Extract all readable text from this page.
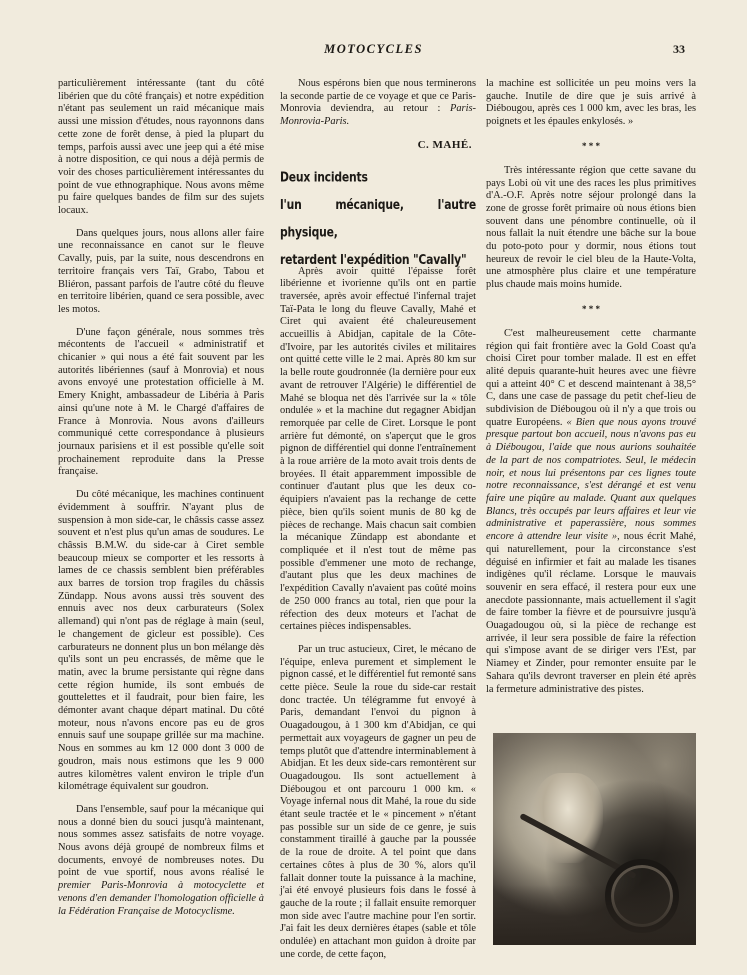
MOTOCYCLES	33

particulièrement intéressante (tant du côté libérien que du côté français) et notre expédition n'étant pas seulement un raid mécanique mais aussi une mission d'études, nous rayonnons dans cette zone de forêt dense, à pied la plupart du temps, parfois aussi avec une jeep qui a été mise à notre disposition, ce qui nous a déjà permis de voir des choses particulièrement intéressantes du point de vue ethnographique. Nous avons même pu faire quelques bandes de film sur des sujets locaux.

Dans quelques jours, nous allons aller faire une reconnaissance en canot sur le fleuve Cavally, puis, par la suite, nous descendrons en territoire français vers Taï, Grabo, Tabou et Bliéron, passant parfois de l'autre côté du fleuve en territoire libérien, quand ce sera possible, avec les motos.

D'une façon générale, nous sommes très mécontents de l'accueil « administratif et chicanier » qui nous a été fait souvent par les autorités libériennes (sauf à Monrovia) et nous avons envoyé une protestation officielle à M. Emery Knight, ambassadeur de Libéria à Paris ainsi qu'une note à M. le Chargé d'affaires de France à Monrovia. Nous avons d'ailleurs communiqué cette correspondance à plusieurs journaux parisiens et il est possible qu'elle soit prochainement reproduite dans la Presse française.

Du côté mécanique, les machines continuent évidemment à souffrir. N'ayant plus de suspension à mon side-car, le châssis casse assez souvent et n'est plus qu'un amas de soudures. Le châssis B.M.W. du side-car à Ciret semble beaucoup mieux se comporter et les ressorts à lames de ce chassis semblent bien préférables aux barres de torsion trop fragiles du châssis Zündapp. Nous avons aussi très souvent des ennuis avec nos deux carburateurs (Solex allemand) qui n'ont pas de réglage à main (seul, le changement de gicleur est possible). Ces carburateurs ne donnent plus un bon mélange dès qu'ils sont un peu encrassés, de même que le matin, avec la brume persistante qui règne dans cette région humide, ils sont embués de gouttelettes et il faudrait, pour bien faire, les démonter avant chaque départ matinal. Du côté moteur, nous n'avons encore pas eu de gros ennuis sauf une soupape grillée sur ma machine. Nous en sommes au km 12 000 dont 3 000 de goudron, mais nous estimons que les 9 000 autres kilomètres valent environ le triple d'un kilométrage équivalent sur goudron.

Dans l'ensemble, sauf pour la mécanique qui nous a donné bien du souci jusqu'à maintenant, nous sommes assez satisfaits de notre voyage. Nous avons déjà groupé de nombreux films et documents, envoyé de nombreuses notes. Du point de vue sportif, nous avons réalisé le premier Paris-Monrovia à motocyclette et venons d'en demander l'homologation officielle à la Fédération Française de Motocyclisme.

Nous espérons bien que nous terminerons la seconde partie de ce voyage et que ce Paris-Monrovia deviendra, au retour : Paris-Monrovia-Paris.

C. MAHÉ.
Deux incidents
l'un mécanique, l'autre physique,
retardent l'expédition "Cavally"

Après avoir quitté l'épaisse forêt libérienne et ivorienne qu'ils ont en partie traversée, après avoir effectué l'infernal trajet Taï-Pata le long du fleuve Cavally, Mahé et Ciret qui avaient été chaleureusement accueillis à Abidjan, capitale de la Côte-d'Ivoire, par les autorités civiles et militaires ont quitté cette ville le 2 mai. Après 80 km sur la belle route goudronnée (la dernière pour eux avant de retrouver l'Algérie) le différentiel de Mahé se bloqua net dès l'arrivée sur la « tôle ondulée » et la machine dut regagner Abidjan remorquée par celle de Ciret. Lorsque le pont arrière fut démonté, on s'aperçut que le gros pignon de différentiel qui donne l'entraînement à la roue arrière de la moto avait trois dents de broyées. Il était apparemment impossible de continuer d'autant plus que les deux co-équipiers n'avaient pas la rechange de cette pièce, bien qu'ils soient munis de 80 kg de pièces de rechange. Mais chacun sait combien la mécanique Zündapp est abondante et compliquée et il n'est tout de même pas possible d'emmener une moto de rechange, d'autant plus que les deux machines de l'expédition Cavally n'avaient pas coûté moins de 250 000 francs au total, rien que pour la réfection des deux moteurs et l'achat de certaines pièces indispensables.

Par un truc astucieux, Ciret, le mécano de l'équipe, enleva purement et simplement le pignon cassé, et le différentiel fut remonté sans cette pièce. Seule la roue du side-car restait donc tractée. Un télégramme fut envoyé à Paris, demandant l'envoi du pignon à Ouagadougou, à 1 300 km d'Abidjan, ce qui permettait aux voyageurs de gagner un peu de temps plutôt que d'attendre interminablement à Abidjan. Et les deux side-cars remontèrent sur Ouagadougou. Ils sont actuellement à Diébougou et ont parcouru 1 000 km. « Voyage infernal nous dit Mahé, la roue du side étant seule tractée et le « pincement » n'étant pas possible sur un side de ce genre, je suis constamment tiraillé à gauche par la poussée de la roue de droite. A tel point que dans certaines côtes à plus de 30 %, alors qu'il fallait donner toute la puissance à la machine, j'ai été envoyé plusieurs fois dans le fossé à gauche de la route ; il fallait ensuite remorquer mon side avec l'autre machine pour l'en sortir. J'ai fait les deux dernières étapes (sable et tôle ondulée) en attachant mon guidon à droite par une corde, de cette façon,

la machine est sollicitée un peu moins vers la gauche. Inutile de dire que je suis arrivé à Diébougou, après ces 1 000 km, avec les bras, les poignets et les épaules enkylosés. »

* * *

Très intéressante région que cette savane du pays Lobi où vit une des races les plus primitives d'A.-O.F. Après notre séjour prolongé dans la zone de grosse forêt primaire où nous étions bien souvent dans une pénombre continuelle, où il nous fallait la nuit étendre une bâche sur la boue du poto-poto pour y dormir, nous étions tout heureux de revoir le ciel bleu de la Haute-Volta, une atmosphère plus claire et une température plus chaude mais moins humide.

* * *

C'est malheureusement cette charmante région qui fait frontière avec la Gold Coast qu'a choisi Ciret pour tomber malade. Il est en effet alité depuis quarante-huit heures avec une fièvre qui a atteint 40° C et descend maintenant à 38,5° C, dans une case de passage du petit chef-lieu de subdivision de Diébougou où il n'y a que trois ou quatre Européens. « Bien que nous ayons trouvé presque partout bon accueil, nous n'avons pas eu à Diébougou, l'aide que nous aurions souhaitée de la part de nos compatriotes. Seul, le médecin noir, et nous lui présentons par ces lignes toute notre reconnaissance, s'est dérangé et est venu faire une piqûre au malade. Quant aux quelques Blancs, très occupés par leurs affaires et leur vie administrative et paperassière, nous sommes encore à attendre leur visite », nous écrit Mahé, qui naturellement, pour la circonstance s'est déguisé en infirmier et fait au malade les tisanes indigènes qu'il réclame. Lorsque le mauvais souvenir en sera effacé, il restera pour eux une anecdote passionnante, mais actuellement il s'agit de faire tomber la fièvre et de poursuivre jusqu'à Ouagadougou où, si la pièce de rechange est arrivée, il leur sera possible de faire la réfection qui s'impose avant de se diriger vers l'Est, par Niamey et Zinder, pour remonter ensuite par le Sahara qu'ils devront traverser en plein été après la fermeture administrative des pistes.
